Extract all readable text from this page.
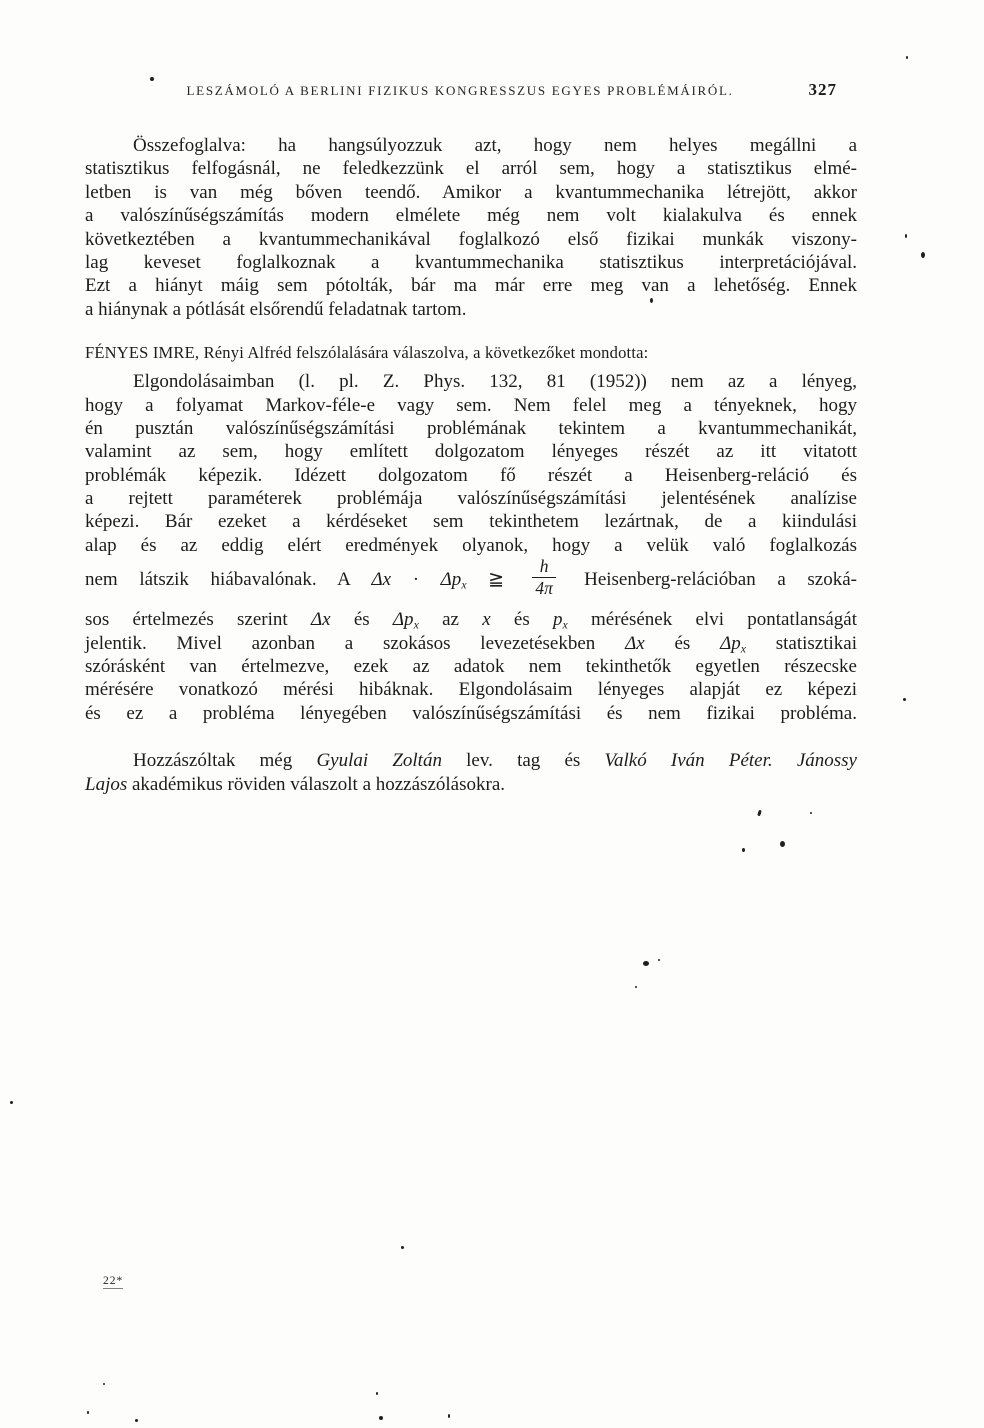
LESZÁMOLÓ A BERLINI FIZIKUS KONGRESSZUS EGYES PROBLÉMÁIRÓL.	327
Összefoglalva: ha hangsúlyozzuk azt, hogy nem helyes megállni a
statisztikus felfogásnál, ne feledkezzünk el arról sem, hogy a statisztikus elmé-
letben is van még bőven teendő. Amikor a kvantummechanika létrejött, akkor
a valószínűségszámítás modern elmélete még nem volt kialakulva és ennek
következtében a kvantummechanikával foglalkozó első fizikai munkák viszony-
lag keveset foglalkoznak a kvantummechanika statisztikus interpretációjával.
Ezt a hiányt máig sem pótolták, bár ma már erre meg van a lehetőség. Ennek
a hiánynak a pótlását elsőrendű feladatnak tartom.
FÉNYES IMRE, Rényi Alfréd felszólalására válaszolva, a következőket mondotta:
Elgondolásaimban (l. pl. Z. Phys. 132, 81 (1952)) nem az a lényeg,
hogy a folyamat Markov-féle-e vagy sem. Nem felel meg a tényeknek, hogy
én pusztán valószínűségszámítási problémának tekintem a kvantummechanikát,
valamint az sem, hogy említett dolgozatom lényeges részét az itt vitatott
problémák képezik. Idézett dolgozatom fő részét a Heisenberg-reláció és
a rejtett paraméterek problémája valószínűségszámítási jelentésének analízise
képezi. Bár ezeket a kérdéseket sem tekinthetem lezártnak, de a kiindulási
alap és az eddig elért eredmények olyanok, hogy a velük való foglalkozás
nem látszik hiábavalónak. A $\Delta x \cdot \Delta p_x$ ≧ $\frac{h}{4\pi}$ Heisenberg-relációban a szoká-
sos értelmezés szerint Δx és $\Delta p_x$ az x és $p_x$ mérésének elvi pontatlanságát
jelentik. Mivel azonban a szokásos levezetésekben Δx és $\Delta p_x$ statisztikai
szórásként van értelmezve, ezek az adatok nem tekinthetők egyetlen részecske
mérésére vonatkozó mérési hibáknak. Elgondolásaim lényeges alapját ez képezi
és ez a probléma lényegében valószínűségszámítási és nem fizikai probléma.
Hozzászóltak még Gyulai Zoltán lev. tag és Valkó Iván Péter. Jánossy
Lajos akadémikus röviden válaszolt a hozzászólásokra.
22*
